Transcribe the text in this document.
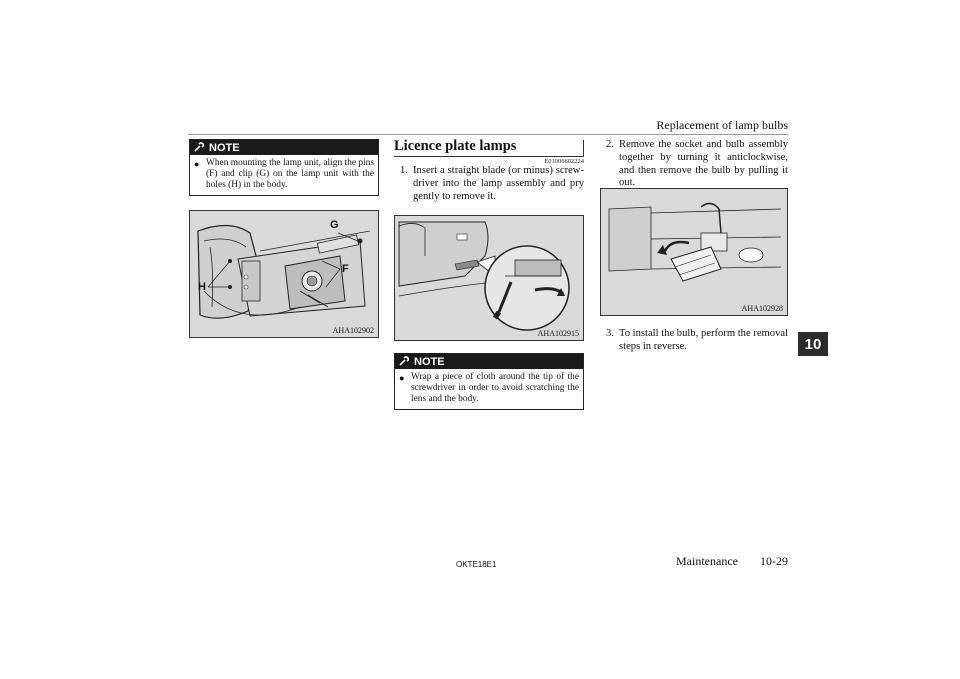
Replacement of lamp bulbs
10
NOTE
● When mounting the lamp unit, align the pins (F) and clip (G) on the lamp unit with the holes (H) in the body.
G
F
H
AHA102902
Licence plate lamps
E01006602224
1. Insert a straight blade (or minus) screw-driver into the lamp assembly and pry gently to remove it.
AHA102915
NOTE
● Wrap a piece of cloth around the tip of the screwdriver in order to avoid scratching the lens and the body.
2. Remove the socket and bulb assembly together by turning it anticlockwise, and then remove the bulb by pulling it out.
AHA102928
3. To install the bulb, perform the removal steps in reverse.
OKTE18E1	Maintenance 10-29
